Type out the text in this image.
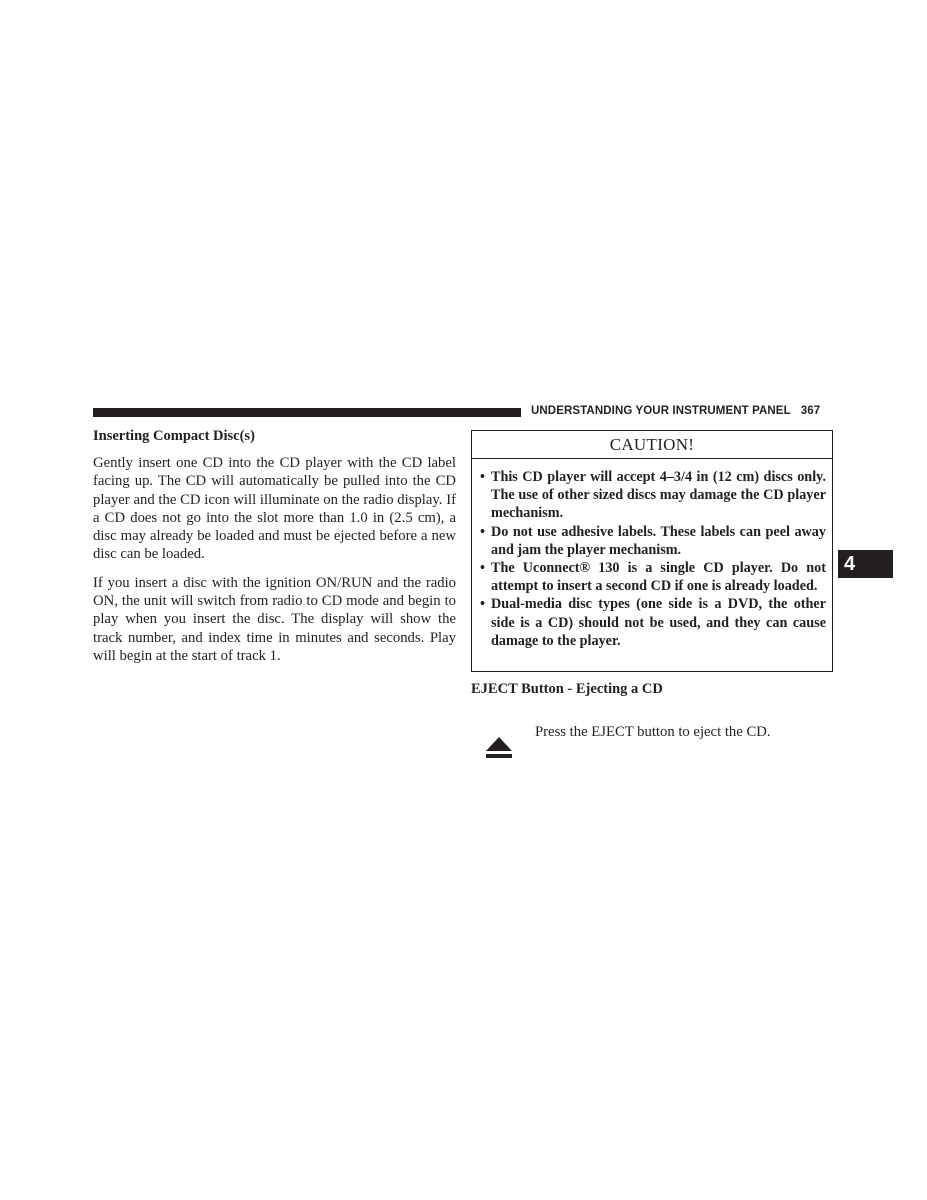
UNDERSTANDING YOUR INSTRUMENT PANEL 367
4

Inserting Compact Disc(s)

Gently insert one CD into the CD player with the CD label facing up. The CD will automatically be pulled into the CD player and the CD icon will illuminate on the radio display. If a CD does not go into the slot more than 1.0 in (2.5 cm), a disc may already be loaded and must be ejected before a new disc can be loaded.

If you insert a disc with the ignition ON/RUN and the radio ON, the unit will switch from radio to CD mode and begin to play when you insert the disc. The display will show the track number, and index time in minutes and seconds. Play will begin at the start of track 1.

CAUTION!
• This CD player will accept 4–3/4 in (12 cm) discs only. The use of other sized discs may damage the CD player mechanism.
• Do not use adhesive labels. These labels can peel away and jam the player mechanism.
• The Uconnect® 130 is a single CD player. Do not attempt to insert a second CD if one is already loaded.
• Dual-media disc types (one side is a DVD, the other side is a CD) should not be used, and they can cause damage to the player.
EJECT Button - Ejecting a CD
Press the EJECT button to eject the CD.
